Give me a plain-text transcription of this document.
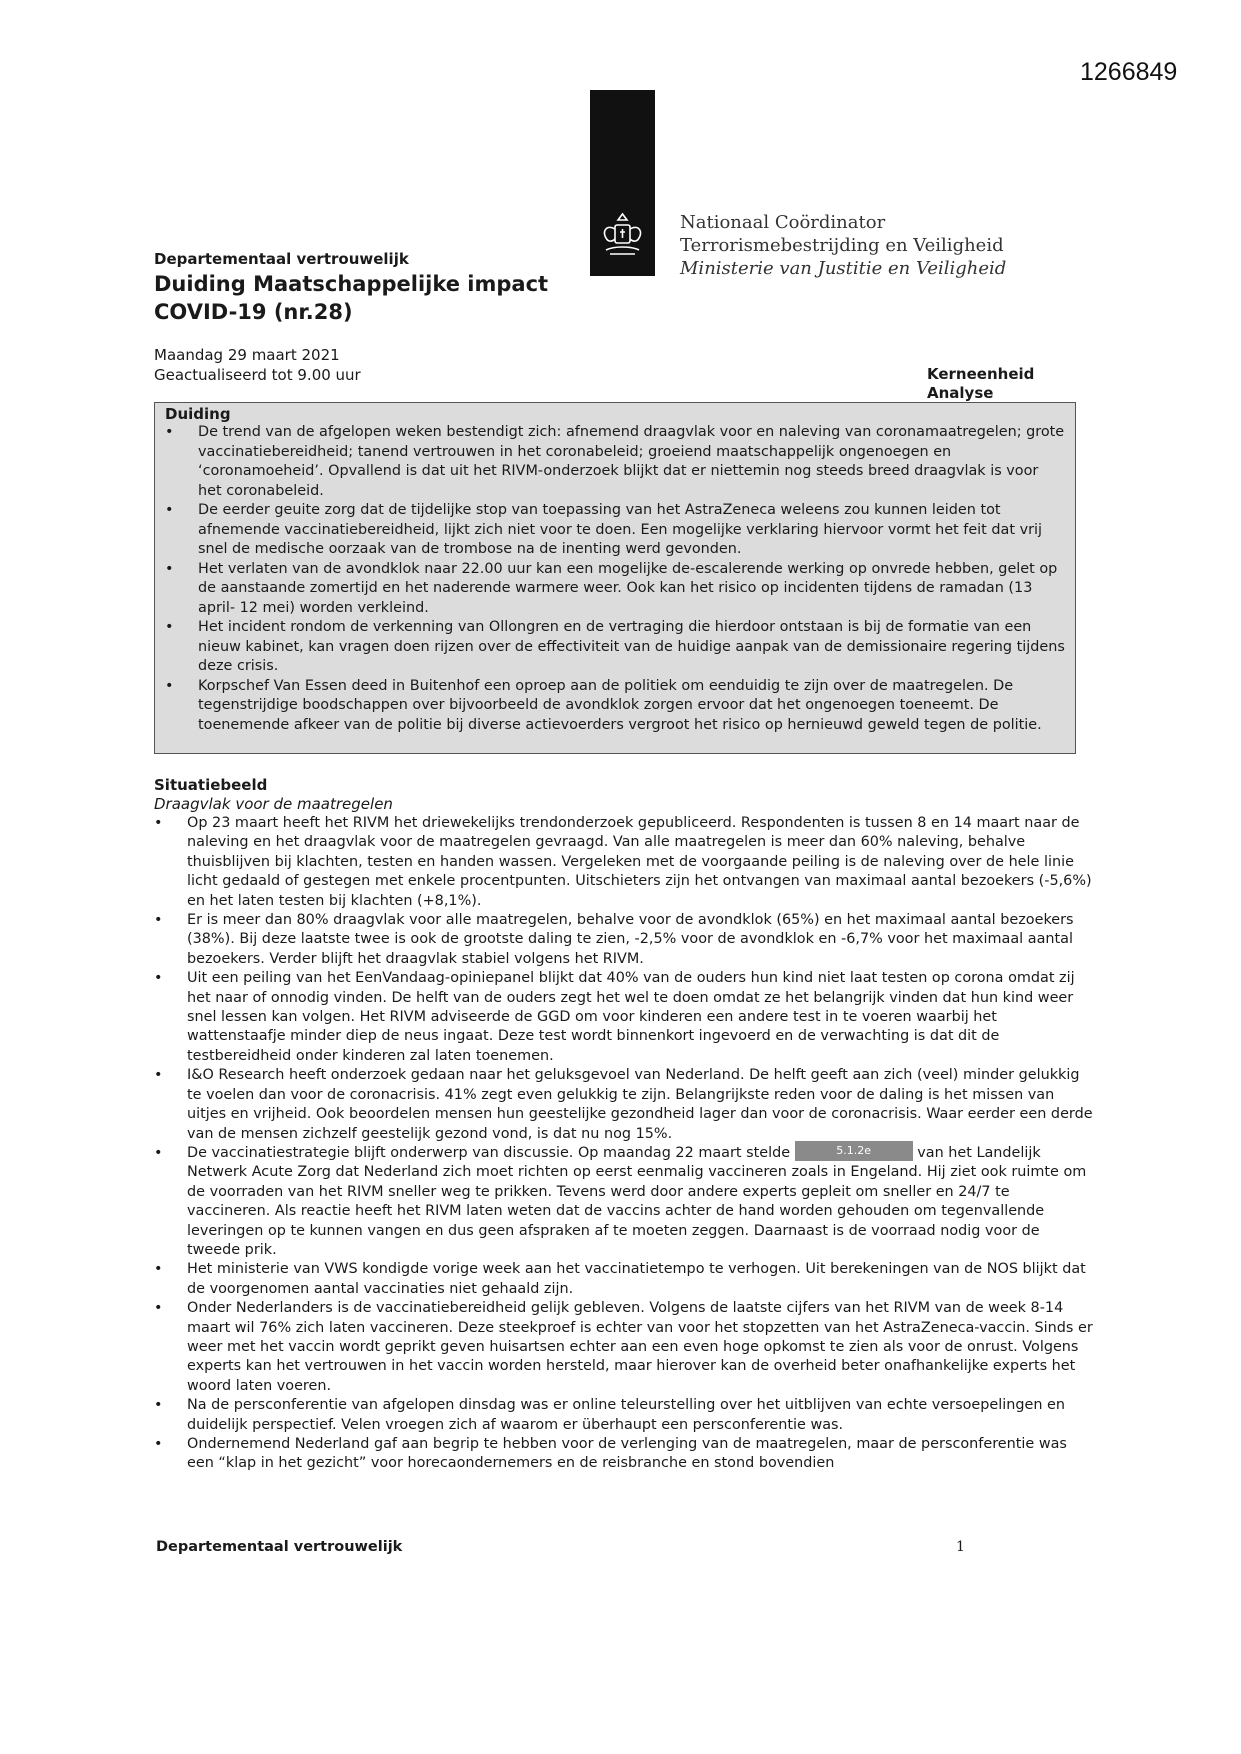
1266849
Nationaal Coördinator
Terrorismebestrijding en Veiligheid
Ministerie van Justitie en Veiligheid
Departementaal vertrouwelijk
Duiding Maatschappelijke impact
COVID-19 (nr.28)
Maandag 29 maart 2021
Geactualiseerd tot 9.00 uur	Kerneenheid
Analyse
Duiding
• De trend van de afgelopen weken bestendigt zich: afnemend draagvlak voor en naleving van coronamaatregelen; grote vaccinatiebereidheid; tanend vertrouwen in het coronabeleid; groeiend maatschappelijk ongenoegen en ‘coronamoeheid’. Opvallend is dat uit het RIVM-onderzoek blijkt dat er niettemin nog steeds breed draagvlak is voor het coronabeleid.
• De eerder geuite zorg dat de tijdelijke stop van toepassing van het AstraZeneca weleens zou kunnen leiden tot afnemende vaccinatiebereidheid, lijkt zich niet voor te doen. Een mogelijke verklaring hiervoor vormt het feit dat vrij snel de medische oorzaak van de trombose na de inenting werd gevonden.
• Het verlaten van de avondklok naar 22.00 uur kan een mogelijke de-escalerende werking op onvrede hebben, gelet op de aanstaande zomertijd en het naderende warmere weer. Ook kan het risico op incidenten tijdens de ramadan (13 april- 12 mei) worden verkleind.
• Het incident rondom de verkenning van Ollongren en de vertraging die hierdoor ontstaan is bij de formatie van een nieuw kabinet, kan vragen doen rijzen over de effectiviteit van de huidige aanpak van de demissionaire regering tijdens deze crisis.
• Korpschef Van Essen deed in Buitenhof een oproep aan de politiek om eenduidig te zijn over de maatregelen. De tegenstrijdige boodschappen over bijvoorbeeld de avondklok zorgen ervoor dat het ongenoegen toeneemt. De toenemende afkeer van de politie bij diverse actievoerders vergroot het risico op hernieuwd geweld tegen de politie.
Situatiebeeld
Draagvlak voor de maatregelen
• Op 23 maart heeft het RIVM het driewekelijks trendonderzoek gepubliceerd. Respondenten is tussen 8 en 14 maart naar de naleving en het draagvlak voor de maatregelen gevraagd. Van alle maatregelen is meer dan 60% naleving, behalve thuisblijven bij klachten, testen en handen wassen. Vergeleken met de voorgaande peiling is de naleving over de hele linie licht gedaald of gestegen met enkele procentpunten. Uitschieters zijn het ontvangen van maximaal aantal bezoekers (-5,6%) en het laten testen bij klachten (+8,1%).
• Er is meer dan 80% draagvlak voor alle maatregelen, behalve voor de avondklok (65%) en het maximaal aantal bezoekers (38%). Bij deze laatste twee is ook de grootste daling te zien, -2,5% voor de avondklok en -6,7% voor het maximaal aantal bezoekers. Verder blijft het draagvlak stabiel volgens het RIVM.
• Uit een peiling van het EenVandaag-opiniepanel blijkt dat 40% van de ouders hun kind niet laat testen op corona omdat zij het naar of onnodig vinden. De helft van de ouders zegt het wel te doen omdat ze het belangrijk vinden dat hun kind weer snel lessen kan volgen. Het RIVM adviseerde de GGD om voor kinderen een andere test in te voeren waarbij het wattenstaafje minder diep de neus ingaat. Deze test wordt binnenkort ingevoerd en de verwachting is dat dit de testbereidheid onder kinderen zal laten toenemen.
• I&O Research heeft onderzoek gedaan naar het geluksgevoel van Nederland. De helft geeft aan zich (veel) minder gelukkig te voelen dan voor de coronacrisis. 41% zegt even gelukkig te zijn. Belangrijkste reden voor de daling is het missen van uitjes en vrijheid. Ook beoordelen mensen hun geestelijke gezondheid lager dan voor de coronacrisis. Waar eerder een derde van de mensen zichzelf geestelijk gezond vond, is dat nu nog 15%.
• De vaccinatiestrategie blijft onderwerp van discussie. Op maandag 22 maart stelde	5.1.2e	van het Landelijk Netwerk Acute Zorg dat Nederland zich moet richten op eerst eenmalig vaccineren zoals in Engeland. Hij ziet ook ruimte om de voorraden van het RIVM sneller weg te prikken. Tevens werd door andere experts gepleit om sneller en 24/7 te vaccineren. Als reactie heeft het RIVM laten weten dat de vaccins achter de hand worden gehouden om tegenvallende leveringen op te kunnen vangen en dus geen afspraken af te moeten zeggen. Daarnaast is de voorraad nodig voor de tweede prik.
• Het ministerie van VWS kondigde vorige week aan het vaccinatietempo te verhogen. Uit berekeningen van de NOS blijkt dat de voorgenomen aantal vaccinaties niet gehaald zijn.
• Onder Nederlanders is de vaccinatiebereidheid gelijk gebleven. Volgens de laatste cijfers van het RIVM van de week 8-14 maart wil 76% zich laten vaccineren. Deze steekproef is echter van voor het stopzetten van het AstraZeneca-vaccin. Sinds er weer met het vaccin wordt geprikt geven huisartsen echter aan een even hoge opkomst te zien als voor de onrust. Volgens experts kan het vertrouwen in het vaccin worden hersteld, maar hierover kan de overheid beter onafhankelijke experts het woord laten voeren.
• Na de persconferentie van afgelopen dinsdag was er online teleurstelling over het uitblijven van echte versoepelingen en duidelijk perspectief. Velen vroegen zich af waarom er überhaupt een persconferentie was.
• Ondernemend Nederland gaf aan begrip te hebben voor de verlenging van de maatregelen, maar de persconferentie was een “klap in het gezicht” voor horecaondernemers en de reisbranche en stond bovendien
Departementaal vertrouwelijk	1
